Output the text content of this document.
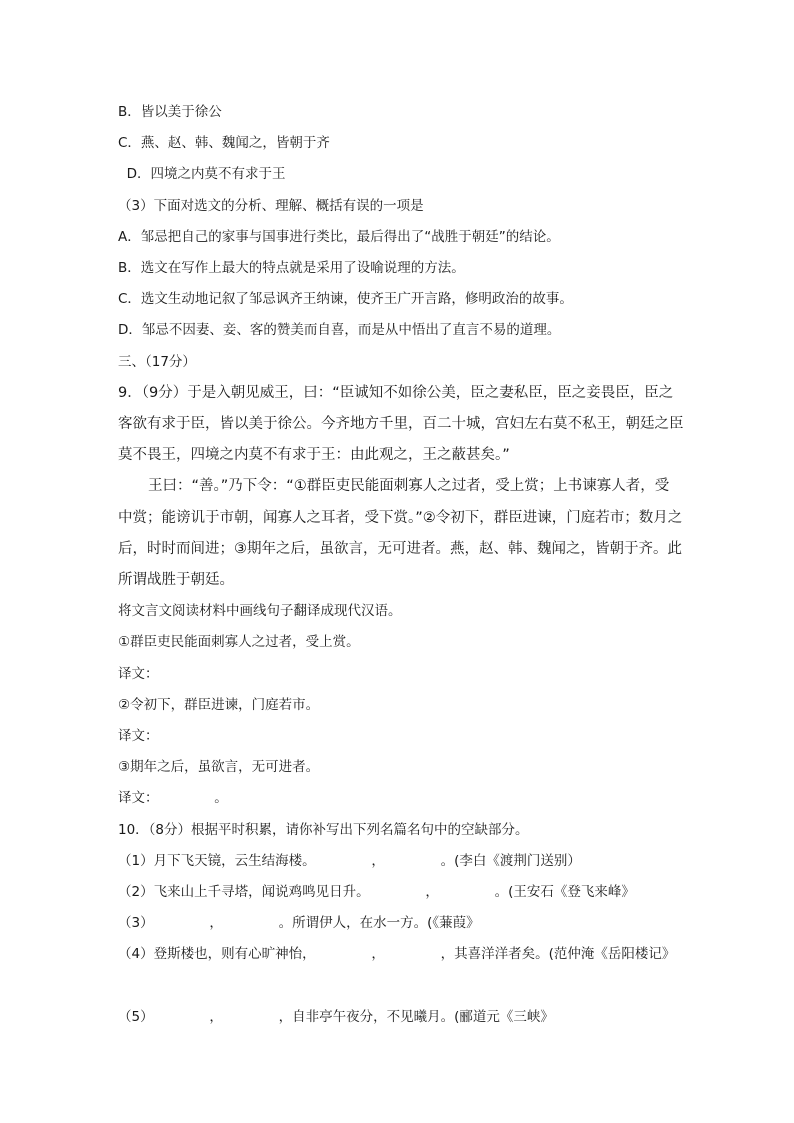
B．皆以美于徐公
C．燕、赵、韩、魏闻之，皆朝于齐
D．四境之内莫不有求于王
（3）下面对选文的分析、理解、概括有误的一项是
A．邹忌把自己的家事与国事进行类比，最后得出了“战胜于朝廷”的结论。
B．选文在写作上最大的特点就是采用了设喻说理的方法。
C．选文生动地记叙了邹忌讽齐王纳谏，使齐王广开言路，修明政治的故事。
D．邹忌不因妻、妾、客的赞美而自喜，而是从中悟出了直言不易的道理。
三、（17分）
9．（9分）于是入朝见威王，曰：“臣诚知不如徐公美，臣之妻私臣，臣之妾畏臣，臣之
客欲有求于臣，皆以美于徐公。今齐地方千里，百二十城，宫妇左右莫不私王，朝廷之臣
莫不畏王，四境之内莫不有求于王：由此观之，王之蔽甚矣。”
王曰：“善。”乃下令：“①群臣吏民能面刺寡人之过者，受上赏；上书谏寡人者，受
中赏；能谤讥于市朝，闻寡人之耳者，受下赏。”②令初下，群臣进谏，门庭若市；数月之
后，时时而间进；③期年之后，虽欲言，无可进者。燕，赵、韩、魏闻之，皆朝于齐。此
所谓战胜于朝廷。
将文言文阅读材料中画线句子翻译成现代汉语。
①群臣吏民能面刺寡人之过者，受上赏。
译文：
②令初下，群臣进谏，门庭若市。
译文：
③期年之后，虽欲言，无可进者。
译文：             。
10．（8分）根据平时积累，请你补写出下列名篇名句中的空缺部分。
（1）月下飞天镜，云生结海楼。             ，             。(李白《渡荆门送别）
（2）飞来山上千寻塔，闻说鸡鸣见日升。             ，             。(王安石《登飞来峰》
（3）             ，             。所谓伊人，在水一方。(《蒹葭》
（4）登斯楼也，则有心旷神怡，             ，             ，其喜洋洋者矣。(范仲淹《岳阳楼记》
（5）             ，             ，自非亭午夜分，不见曦月。(郦道元《三峡》
